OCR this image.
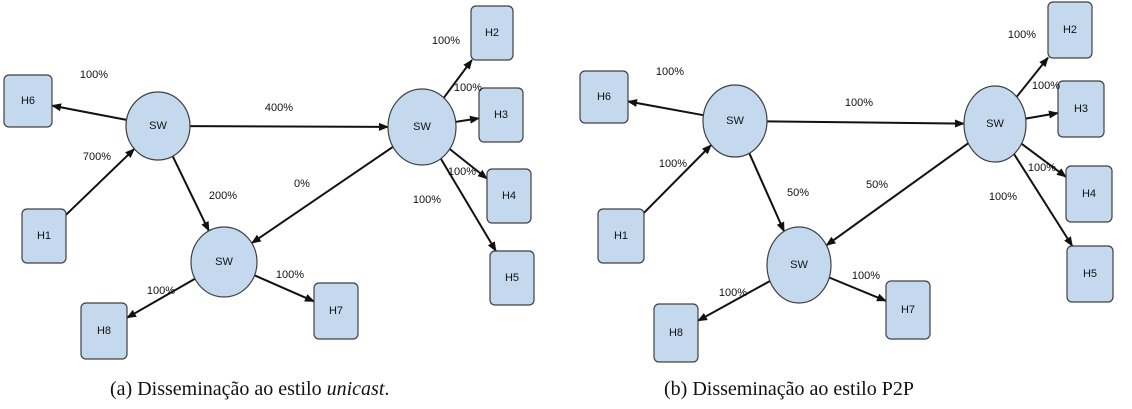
SW	SW
SW
H1
H2
H3
H4
H5
H6
H7
H8
100%
700%
400%
200%
0%
100%
100%
100%
100%
100%
100%
SW	SW
SW
H1
H2
H3
H4
H5
H6
H7
H8
100%
100%
100%
50%
50%
100%
100%
100%
100%
100%
100%
(a) Disseminação ao estilo unicast.	(b) Disseminação ao estilo P2P
